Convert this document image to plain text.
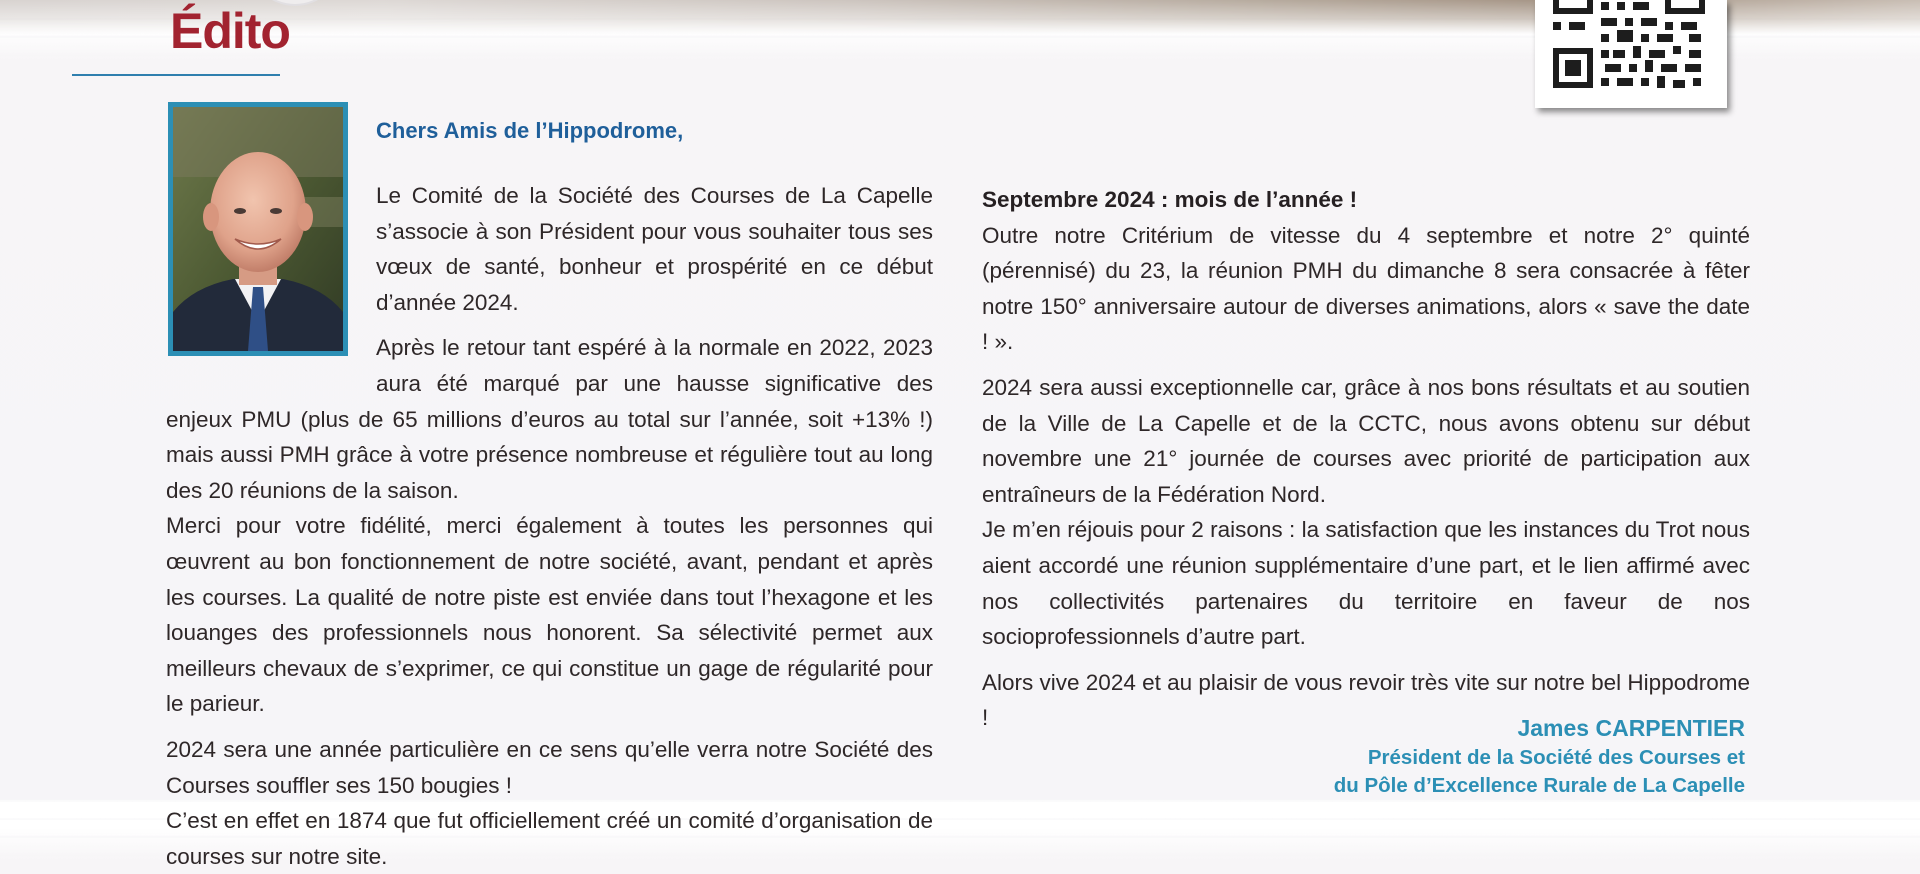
Édito

Chers Amis de l’Hippodrome,

Le Comité de la Société des Courses de La Capelle s’associe à son Président pour vous souhaiter tous ses vœux de santé, bonheur et prospérité en ce début d’année 2024.

Après le retour tant espéré à la normale en 2022, 2023 aura été marqué par une hausse significative des enjeux PMU (plus de 65 millions d’euros au total sur l’année, soit +13% !) mais aussi PMH grâce à votre présence nombreuse et régulière tout au long des 20 réunions de la saison.

Merci pour votre fidélité, merci également à toutes les personnes qui œuvrent au bon fonctionnement de notre société, avant, pendant et après les courses. La qualité de notre piste est enviée dans tout l’hexagone et les louanges des professionnels nous honorent. Sa sélectivité permet aux meilleurs chevaux de s’exprimer, ce qui constitue un gage de régularité pour le parieur.

2024 sera une année particulière en ce sens qu’elle verra notre Société des Courses souffler ses 150 bougies !

C’est en effet en 1874 que fut officiellement créé un comité d’organisation de courses sur notre site.

Septembre 2024 : mois de l’année !
Outre notre Critérium de vitesse du 4 septembre et notre 2° quinté (pérennisé) du 23, la réunion PMH du dimanche 8 sera consacrée à fêter notre 150° anniversaire autour de diverses animations, alors « save the date ! ».

2024 sera aussi exceptionnelle car, grâce à nos bons résultats et au soutien de la Ville de La Capelle et de la CCTC, nous avons obtenu sur début novembre une 21° journée de courses avec priorité de participation aux entraîneurs de la Fédération Nord.

Je m’en réjouis pour 2 raisons : la satisfaction que les instances du Trot nous aient accordé une réunion supplémentaire d’une part, et le lien affirmé avec nos collectivités partenaires du territoire en faveur de nos socioprofessionnels d’autre part.

Alors vive 2024 et au plaisir de vous revoir très vite sur notre bel Hippodrome !	James CARPENTIER
Président de la Société des Courses et
du Pôle d’Excellence Rurale de La Capelle
